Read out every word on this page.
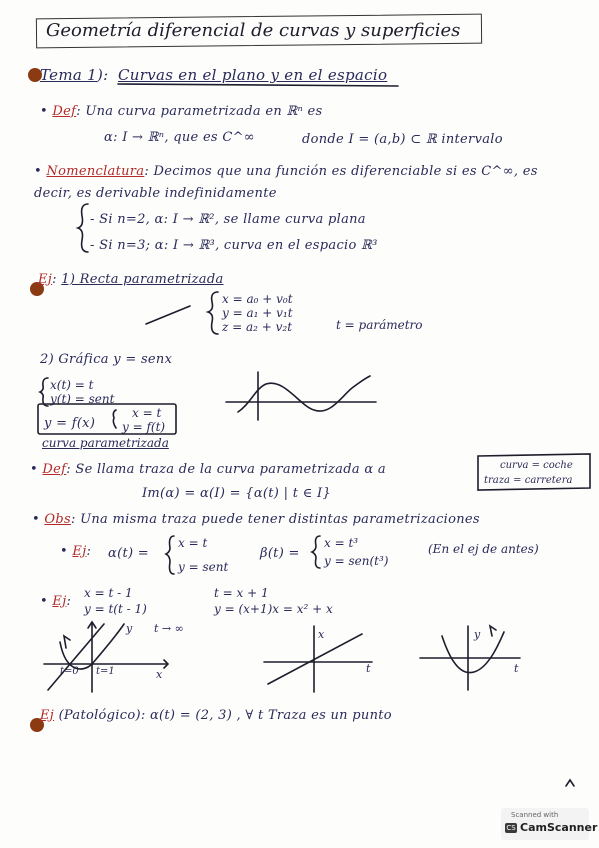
Geometría diferencial de curvas y superficies
Tema 1): Curvas en el plano y en el espacio
• Def: Una curva parametrizada en ℝⁿ es
α: I → ℝⁿ, que es C^∞	donde I = (a,b) ⊂ ℝ intervalo
• Nomenclatura: Decimos que una función es diferenciable si es C^∞, es
decir, es derivable indefinidamente
- Si n=2, α: I → ℝ², se llame curva plana
- Si n=3; α: I → ℝ³, curva en el espacio ℝ³
Ej: 1) Recta parametrizada
x = a₀ + v₀t
y = a₁ + v₁t
z = a₂ + v₂t	t = parámetro
2) Gráfica y = senx
x(t) = t
y(t) = sent
y = f(x)
x = t
y = f(t)
curva parametrizada
• Def: Se llama traza de la curva parametrizada α a
Im(α) = α(I) = {α(t) | t ∈ I}
curva = coche
traza = carretera
• Obs: Una misma traza puede tener distintas parametrizaciones
• Ej: α(t) =
x = t
y = sent
β(t) =
x = t³
y = sen(t³)
(En el ej de antes)
• Ej:
x = t - 1
y = t(t - 1)
t = x + 1
y = (x+1)x = x² + x
y t → ∞
x
t=0 t=1
x
t
y
t
Ej (Patológico): α(t) = (2, 3) , ∀ t Traza es un punto
Scanned with
CS CamScanner
